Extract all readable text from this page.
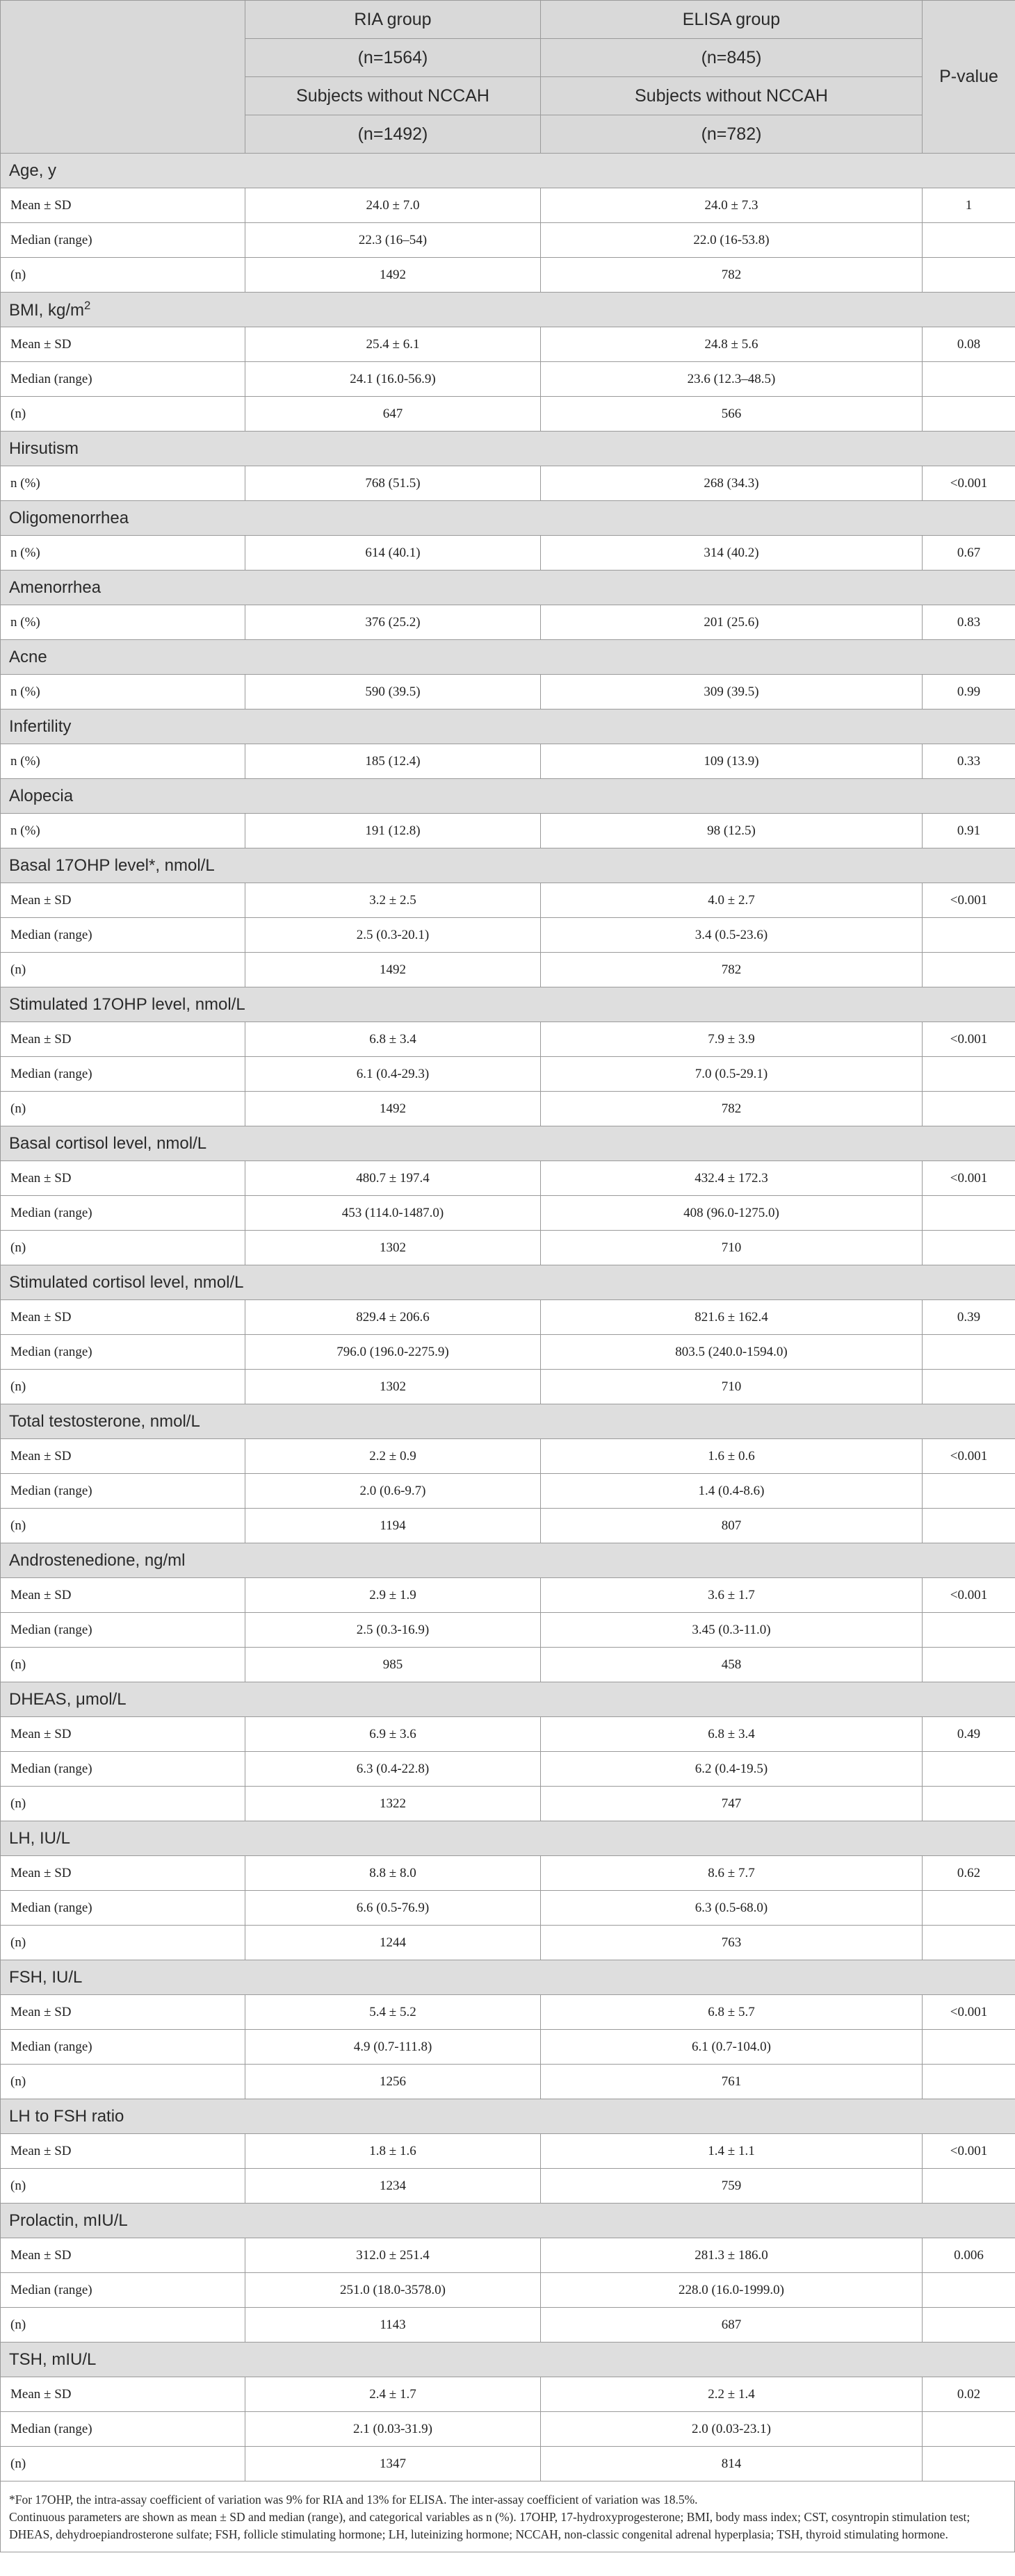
	RIA group	ELISA group	P-value
	(n=1564)	(n=845)	
	Subjects without NCCAH	Subjects without NCCAH	
	(n=1492)	(n=782)	
Age, y			
Mean ± SD	24.0 ± 7.0	24.0 ± 7.3	1
Median (range)	22.3 (16–54)	22.0 (16-53.8)	
(n)	1492	782	
BMI, $kg/m^2$
Mean ± SD	25.4 ± 6.1	24.8 ± 5.6	0.08
Median (range)	24.1 (16.0-56.9)	23.6 (12.3–48.5)	
(n)	647	566	
Hirsutism			
n (%)	768 (51.5)	268 (34.3)	<0.001
Oligomenorrhea			
n (%)	614 (40.1)	314 (40.2)	0.67
Amenorrhea			
n (%)	376 (25.2)	201 (25.6)	0.83
Acne			
n (%)	590 (39.5)	309 (39.5)	0.99
Infertility			
n (%)	185 (12.4)	109 (13.9)	0.33
Alopecia			
n (%)	191 (12.8)	98 (12.5)	0.91
Basal 17OHP level*, nmol/L			
Mean ± SD	3.2 ± 2.5	4.0 ± 2.7	<0.001
Median (range)	2.5 (0.3-20.1)	3.4 (0.5-23.6)	
(n)	1492	782	
Stimulated 17OHP level, nmol/L			
Mean ± SD	6.8 ± 3.4	7.9 ± 3.9	<0.001
Median (range)	6.1 (0.4-29.3)	7.0 (0.5-29.1)	
(n)	1492	782	
Basal cortisol level, nmol/L			
Mean ± SD	480.7 ± 197.4	432.4 ± 172.3	<0.001
Median (range)	453 (114.0-1487.0)	408 (96.0-1275.0)	
(n)	1302	710	
Stimulated cortisol level, nmol/L			
Mean ± SD	829.4 ± 206.6	821.6 ± 162.4	0.39
Median (range)	796.0 (196.0-2275.9)	803.5 (240.0-1594.0)	
(n)	1302	710	
Total testosterone, nmol/L			
Mean ± SD	2.2 ± 0.9	1.6 ± 0.6	<0.001
Median (range)	2.0 (0.6-9.7)	1.4 (0.4-8.6)	
(n)	1194	807	
Androstenedione, ng/ml			
Mean ± SD	2.9 ± 1.9	3.6 ± 1.7	<0.001
Median (range)	2.5 (0.3-16.9)	3.45 (0.3-11.0)	
(n)	985	458	
DHEAS, μmol/L			
Mean ± SD	6.9 ± 3.6	6.8 ± 3.4	0.49
Median (range)	6.3 (0.4-22.8)	6.2 (0.4-19.5)	
(n)	1322	747	
LH, IU/L			
Mean ± SD	8.8 ± 8.0	8.6 ± 7.7	0.62
Median (range)	6.6 (0.5-76.9)	6.3 (0.5-68.0)	
(n)	1244	763	
FSH, IU/L			
Mean ± SD	5.4 ± 5.2	6.8 ± 5.7	<0.001
Median (range)	4.9 (0.7-111.8)	6.1 (0.7-104.0)	
(n)	1256	761	
LH to FSH ratio			
Mean ± SD	1.8 ± 1.6	1.4 ± 1.1	<0.001
(n)	1234	759	
Prolactin, mIU/L			
Mean ± SD	312.0 ± 251.4	281.3 ± 186.0	0.006
Median (range)	251.0 (18.0-3578.0)	228.0 (16.0-1999.0)	
(n)	1143	687	
TSH, mIU/L			
Mean ± SD	2.4 ± 1.7	2.2 ± 1.4	0.02
Median (range)	2.1 (0.03-31.9)	2.0 (0.03-23.1)	
(n)	1347	814	

*For 17OHP, the intra-assay coefficient of variation was 9% for RIA and 13% for ELISA. The inter-assay coefficient of variation was 18.5%.

Continuous parameters are shown as mean ± SD and median (range), and categorical variables as n (%). 17OHP, 17-hydroxyprogesterone; BMI, body mass index; CST, cosyntropin stimulation test; DHEAS, dehydroepiandrosterone sulfate; FSH, follicle stimulating hormone; LH, luteinizing hormone; NCCAH, non-classic congenital adrenal hyperplasia; TSH, thyroid stimulating hormone.
